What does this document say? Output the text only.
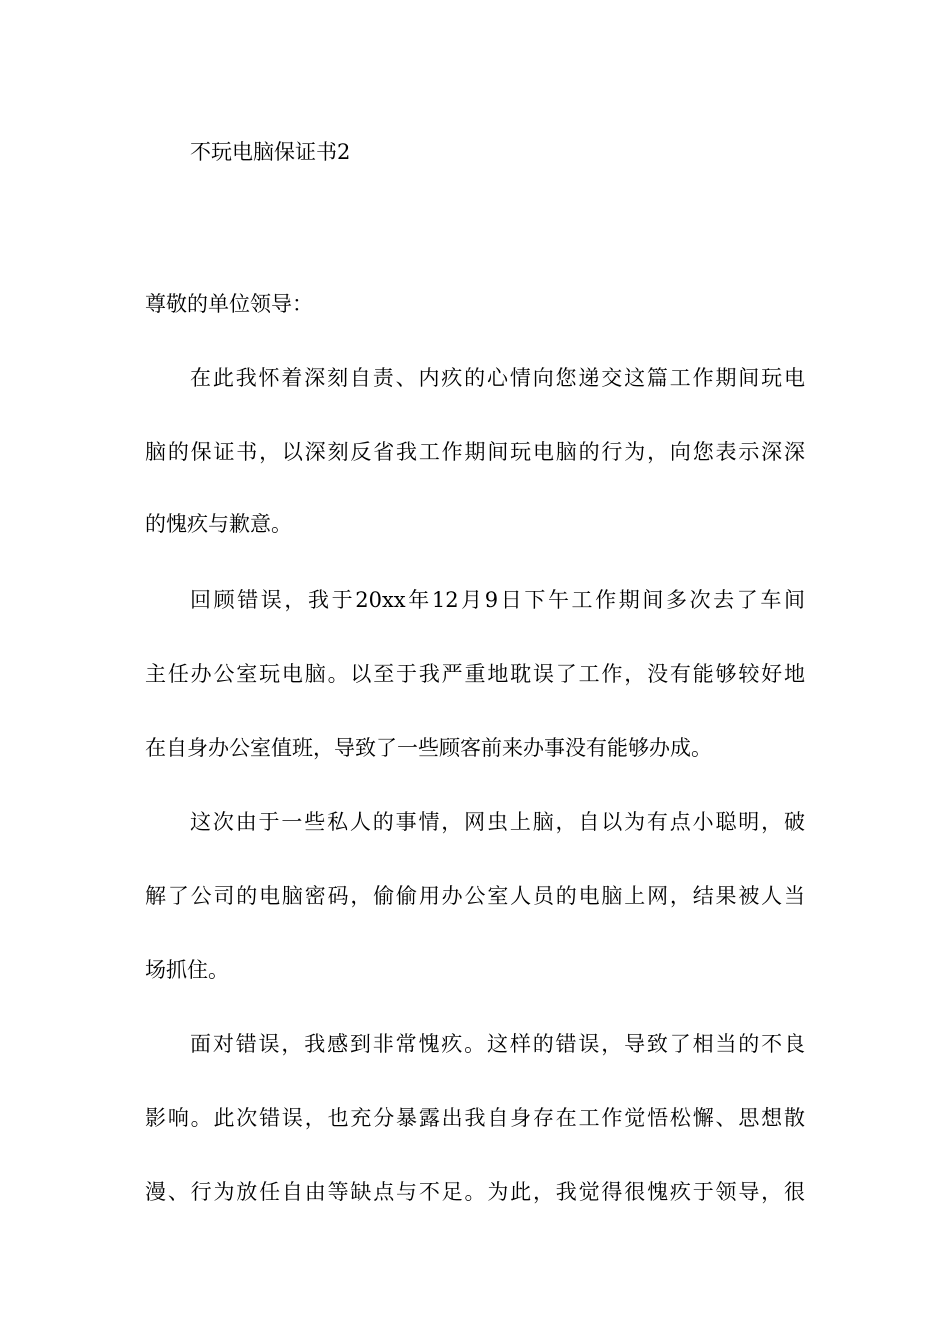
不玩电脑保证书2
尊敬的单位领导：
在此我怀着深刻自责、内疚的心情向您递交这篇工作期间玩电
脑的保证书，以深刻反省我工作期间玩电脑的行为，向您表示深深
的愧疚与歉意。
回顾错误，我于20xx年12月9日下午工作期间多次去了车间
主任办公室玩电脑。以至于我严重地耽误了工作，没有能够较好地
在自身办公室值班，导致了一些顾客前来办事没有能够办成。
这次由于一些私人的事情，网虫上脑，自以为有点小聪明，破
解了公司的电脑密码，偷偷用办公室人员的电脑上网，结果被人当
场抓住。
面对错误，我感到非常愧疚。这样的错误，导致了相当的不良
影响。此次错误，也充分暴露出我自身存在工作觉悟松懈、思想散
漫、行为放任自由等缺点与不足。为此，我觉得很愧疚于领导，很
